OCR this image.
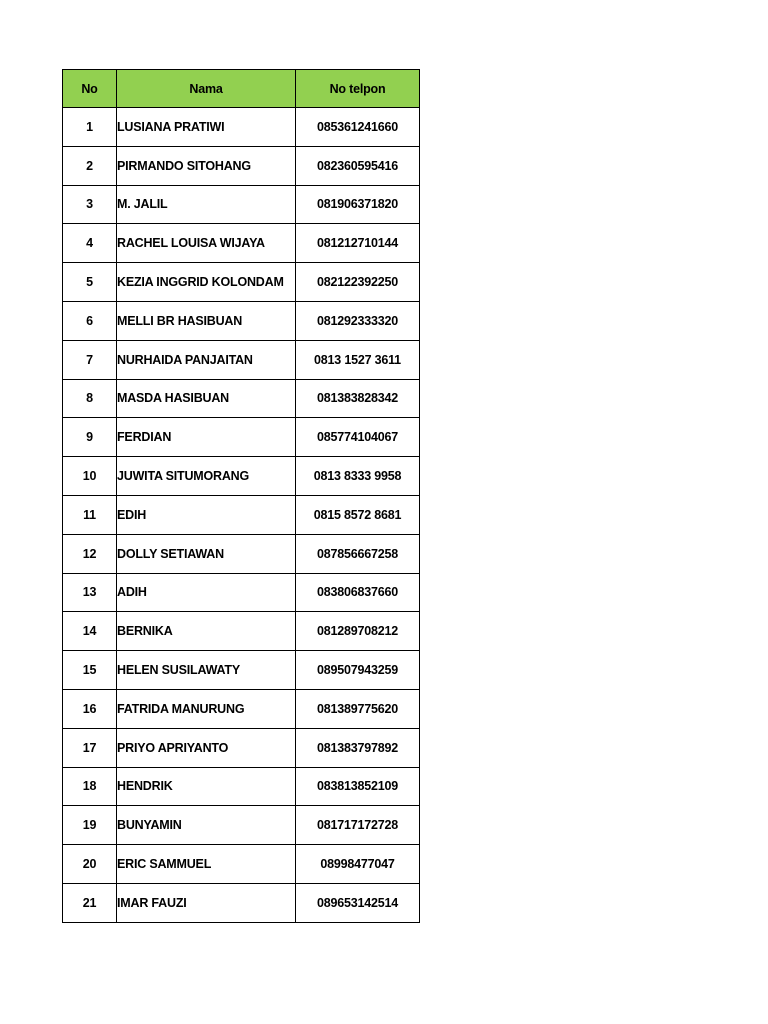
No	Nama	No telpon
1	LUSIANA PRATIWI	085361241660
2	PIRMANDO SITOHANG	082360595416
3	M. JALIL	081906371820
4	RACHEL LOUISA WIJAYA	081212710144
5	KEZIA INGGRID KOLONDAM	082122392250
6	MELLI BR HASIBUAN	081292333320
7	NURHAIDA PANJAITAN	0813 1527 3611
8	MASDA HASIBUAN	081383828342
9	FERDIAN	085774104067
10	JUWITA SITUMORANG	0813 8333 9958
11	EDIH	0815 8572 8681
12	DOLLY SETIAWAN	087856667258
13	ADIH	083806837660
14	BERNIKA	081289708212
15	HELEN SUSILAWATY	089507943259
16	FATRIDA MANURUNG	081389775620
17	PRIYO APRIYANTO	081383797892
18	HENDRIK	083813852109
19	BUNYAMIN	081717172728
20	ERIC SAMMUEL	08998477047
21	IMAR FAUZI	089653142514
